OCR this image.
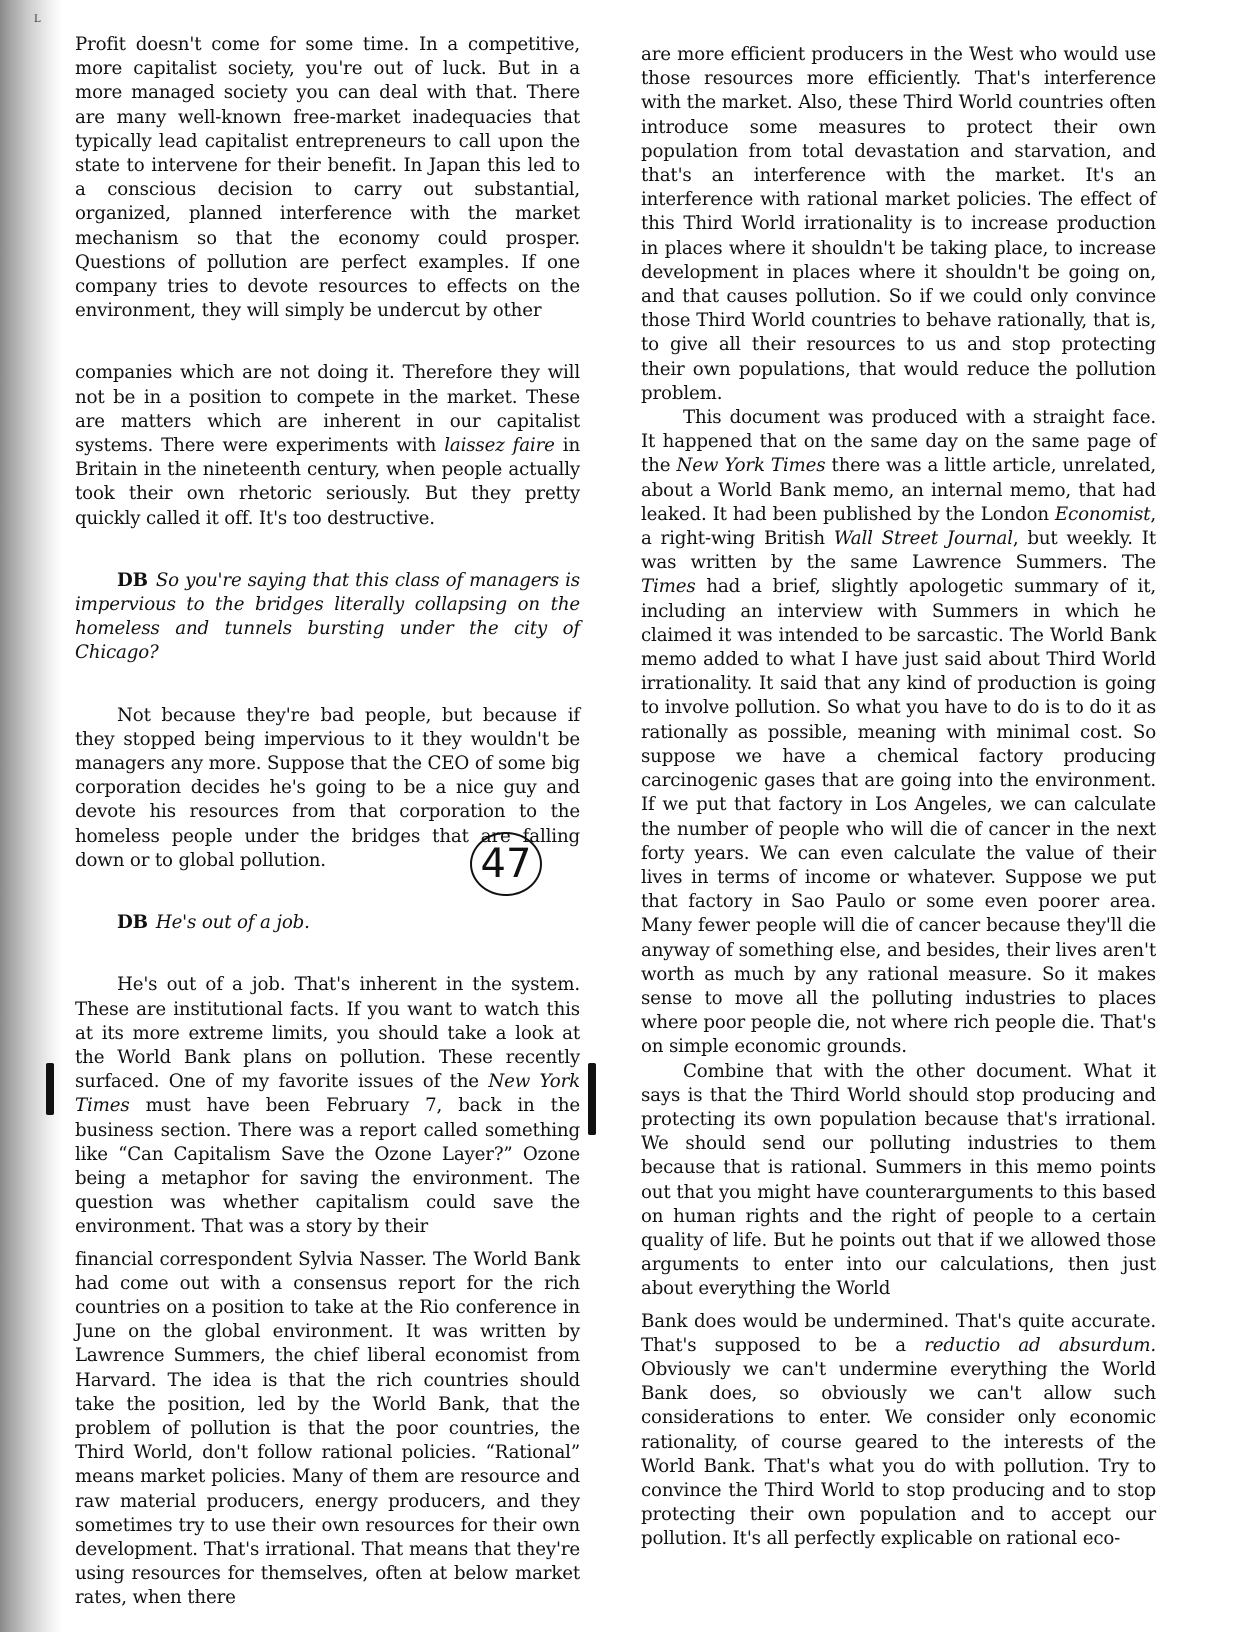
L

Profit doesn't come for some time. In a competitive, more capitalist society, you're out of luck. But in a more managed society you can deal with that. There are many well-known free-market inadequacies that typically lead capitalist entrepreneurs to call upon the state to intervene for their benefit. In Japan this led to a conscious decision to carry out substantial, organized, planned interference with the market mechanism so that the economy could prosper. Questions of pollution are perfect examples. If one company tries to devote resources to effects on the environment, they will simply be undercut by other

companies which are not doing it. Therefore they will not be in a position to compete in the market. These are matters which are inherent in our capitalist systems. There were experiments with laissez faire in Britain in the nineteenth century, when people actually took their own rhetoric seriously. But they pretty quickly called it off. It's too destructive.

DB So you're saying that this class of managers is impervious to the bridges literally collapsing on the homeless and tunnels bursting under the city of Chicago?

Not because they're bad people, but because if they stopped being impervious to it they wouldn't be managers any more. Suppose that the CEO of some big corporation decides he's going to be a nice guy and devote his resources from that corporation to the homeless people under the bridges that are falling down or to global pollution.

DB He's out of a job.

He's out of a job. That's inherent in the system. These are institutional facts. If you want to watch this at its more extreme limits, you should take a look at the World Bank plans on pollution. These recently surfaced. One of my favorite issues of the New York Times must have been February 7, back in the business section. There was a report called something like “Can Capitalism Save the Ozone Layer?” Ozone being a metaphor for saving the environment. The question was whether capitalism could save the environment. That was a story by their

financial correspondent Sylvia Nasser. The World Bank had come out with a consensus report for the rich countries on a position to take at the Rio conference in June on the global environment. It was written by Lawrence Summers, the chief liberal economist from Harvard. The idea is that the rich countries should take the position, led by the World Bank, that the problem of pollution is that the poor countries, the Third World, don't follow rational policies. “Rational” means market policies. Many of them are resource and raw material producers, energy producers, and they sometimes try to use their own resources for their own development. That's irrational. That means that they're using resources for themselves, often at below market rates, when there

are more efficient producers in the West who would use those resources more efficiently. That's interference with the market. Also, these Third World countries often introduce some measures to protect their own population from total devastation and starvation, and that's an interference with the market. It's an interference with rational market policies. The effect of this Third World irrationality is to increase production in places where it shouldn't be taking place, to increase development in places where it shouldn't be going on, and that causes pollution. So if we could only convince those Third World countries to behave rationally, that is, to give all their resources to us and stop protecting their own populations, that would reduce the pollution problem.

This document was produced with a straight face. It happened that on the same day on the same page of the New York Times there was a little article, unrelated, about a World Bank memo, an internal memo, that had leaked. It had been published by the London Economist, a right-wing British Wall Street Journal, but weekly. It was written by the same Lawrence Summers. The Times had a brief, slightly apologetic summary of it, including an interview with Summers in which he claimed it was intended to be sarcastic. The World Bank memo added to what I have just said about Third World irrationality. It said that any kind of production is going to involve pollution. So what you have to do is to do it as rationally as possible, meaning with minimal cost. So suppose we have a chemical factory producing carcinogenic gases that are going into the environment. If we put that factory in Los Angeles, we can calculate the number of people who will die of cancer in the next forty years. We can even calculate the value of their lives in terms of income or whatever. Suppose we put that factory in Sao Paulo or some even poorer area. Many fewer people will die of cancer because they'll die anyway of something else, and besides, their lives aren't worth as much by any rational measure. So it makes sense to move all the polluting industries to places where poor people die, not where rich people die. That's on simple economic grounds.

Combine that with the other document. What it says is that the Third World should stop producing and protecting its own population because that's irrational. We should send our polluting industries to them because that is rational. Summers in this memo points out that you might have counterarguments to this based on human rights and the right of people to a certain quality of life. But he points out that if we allowed those arguments to enter into our calculations, then just about everything the World

Bank does would be undermined. That's quite accurate. That's supposed to be a reductio ad absurdum. Obviously we can't undermine everything the World Bank does, so obviously we can't allow such considerations to enter. We consider only economic rationality, of course geared to the interests of the World Bank. That's what you do with pollution. Try to convince the Third World to stop producing and to stop protecting their own population and to accept our pollution. It's all perfectly explicable on rational eco-

47
